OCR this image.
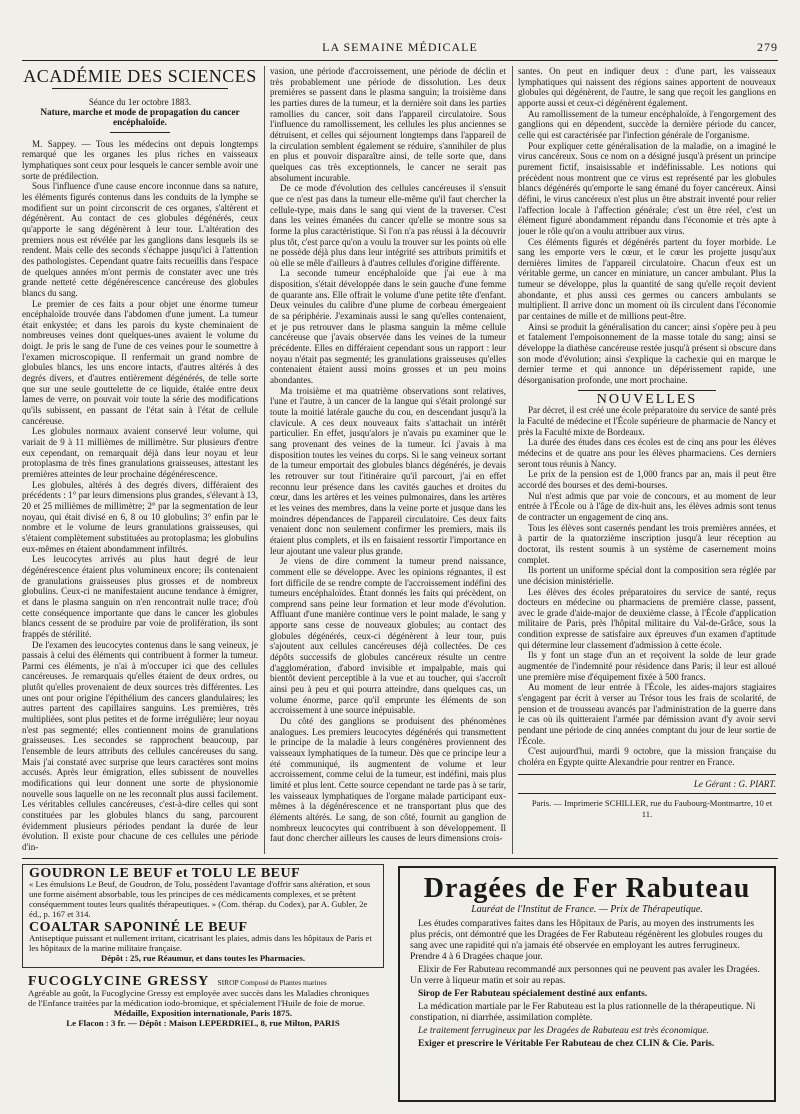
LA SEMAINE MÉDICALE	279

ACADÉMIE DES SCIENCES

Séance du 1er octobre 1883.

Nature, marche et mode de propagation du cancer encéphaloïde.

M. Sappey. — Tous les médecins ont depuis longtemps remarqué que les organes les plus riches en vaisseaux lymphatiques sont ceux pour lesquels le cancer semble avoir une sorte de prédilection.

Sous l'influence d'une cause encore inconnue dans sa nature, les éléments figurés contenus dans les conduits de la lymphe se modifient sur un point circonscrit de ces organes, s'altèrent et dégénèrent. Au contact de ces globules dégénérés, ceux qu'apporte le sang dégénèrent à leur tour. L'altération des premiers nous est révélée par les ganglions dans lesquels ils se rendent. Mais celle des seconds s'échappe jusqu'ici à l'attention des pathologistes. Cependant quatre faits recueillis dans l'espace de quelques années m'ont permis de constater avec une très grande netteté cette dégénérescence cancéreuse des globules blancs du sang.

Le premier de ces faits a pour objet une énorme tumeur encéphaloïde trouvée dans l'abdomen d'une jument. La tumeur était enkystée; et dans les parois du kyste cheminaient de nombreuses veines dont quelques-unes avaient le volume du doigt. Je pris le sang de l'une de ces veines pour le soumettre à l'examen microscopique. Il renfermait un grand nombre de globules blancs, les uns encore intacts, d'autres altérés à des degrés divers, et d'autres entièrement dégénérés, de telle sorte que sur une seule gouttelette de ce liquide, étalée entre deux lames de verre, on pouvait voir toute la série des modifications qu'ils subissent, en passant de l'état sain à l'état de cellule cancéreuse.

Les globules normaux avaient conservé leur volume, qui variait de 9 à 11 millièmes de millimètre. Sur plusieurs d'entre eux cependant, on remarquait déjà dans leur noyau et leur protoplasma de très fines granulations graisseuses, attestant les premières atteintes de leur prochaine dégénérescence.

Les globules, altérés à des degrés divers, différaient des précédents : 1° par leurs dimensions plus grandes, s'élevant à 13, 20 et 25 millièmes de millimètre; 2° par la segmentation de leur noyau, qui était divisé en 6, 8 ou 10 globulins; 3° enfin par le nombre et le volume de leurs granulations graisseuses, qui s'étaient complètement substituées au protoplasma; les globulins eux-mêmes en étaient abondamment infiltrés.

Les leucocytes arrivés au plus haut degré de leur dégénérescence étaient plus volumineux encore; ils contenaient de granulations graisseuses plus grosses et de nombreux globulins. Ceux-ci ne manifestaient aucune tendance à émigrer, et dans le plasma sanguin on n'en rencontrait nulle trace; d'où cette conséquence importante que dans le cancer les globules blancs cessent de se produire par voie de prolifération, ils sont frappés de stérilité.

De l'examen des leucocytes contenus dans le sang veineux, je passais à celui des éléments qui contribuent à former la tumeur. Parmi ces éléments, je n'ai à m'occuper ici que des cellules cancéreuses. Je remarquais qu'elles étaient de deux ordres, ou plutôt qu'elles provenaient de deux sources très différentes. Les unes ont pour origine l'épithélium des cancers glandulaires; les autres partent des capillaires sanguins. Les premières, très multipliées, sont plus petites et de forme irrégulière; leur noyau n'est pas segmenté; elles contiennent moins de granulations graisseuses. Les secondes se rapprochent beaucoup, par l'ensemble de leurs attributs des cellules cancéreuses du sang. Mais j'ai constaté avec surprise que leurs caractères sont moins accusés. Après leur émigration, elles subissent de nouvelles modifications qui leur donnent une sorte de physionomie nouvelle sous laquelle on ne les reconnaît plus aussi facilement. Les véritables cellules cancéreuses, c'est-à-dire celles qui sont constituées par les globules blancs du sang, parcourent évidemment plusieurs périodes pendant la durée de leur évolution. Il existe pour chacune de ces cellules une période d'in-

vasion, une période d'accroissement, une période de déclin et très probablement une période de dissolution. Les deux premières se passent dans le plasma sanguin; la troisième dans les parties dures de la tumeur, et la dernière soit dans les parties ramollies du cancer, soit dans l'appareil circulatoire. Sous l'influence du ramollissement, les cellules les plus anciennes se détruisent, et celles qui séjournent longtemps dans l'appareil de la circulation semblent également se réduire, s'annihiler de plus en plus et pouvoir disparaître ainsi, de telle sorte que, dans quelques cas très exceptionnels, le cancer ne serait pas absolument incurable.

De ce mode d'évolution des cellules cancéreuses il s'ensuit que ce n'est pas dans la tumeur elle-même qu'il faut chercher la cellule-type, mais dans le sang qui vient de la traverser. C'est dans les veines émanées du cancer qu'elle se montre sous sa forme la plus caractéristique. Si l'on n'a pas réussi à la découvrir plus tôt, c'est parce qu'on a voulu la trouver sur les points où elle ne possède déjà plus dans leur intégrité ses attributs primitifs et où elle se mêle d'ailleurs à d'autres cellules d'origine différente.

La seconde tumeur encéphaloïde que j'ai eue à ma disposition, s'était développée dans le sein gauche d'une femme de quarante ans. Elle offrait le volume d'une petite tête d'enfant. Deux veinules du calibre d'une plume de corbeau émergeaient de sa périphérie. J'examinais aussi le sang qu'elles contenaient, et je pus retrouver dans le plasma sanguin la même cellule cancéreuse que j'avais observée dans les veines de la tumeur précédente. Elles en différaient cependant sous un rapport : leur noyau n'était pas segmenté; les granulations graisseuses qu'elles contenaient étaient aussi moins grosses et un peu moins abondantes.

Ma troisième et ma quatrième observations sont relatives, l'une et l'autre, à un cancer de la langue qui s'était prolongé sur toute la moitié latérale gauche du cou, en descendant jusqu'à la clavicule. A ces deux nouveaux faits s'attachait un intérêt particulier. En effet, jusqu'alors je n'avais pu examiner que le sang provenant des veines de la tumeur. Ici j'avais à ma disposition toutes les veines du corps. Si le sang veineux sortant de la tumeur emportait des globules blancs dégénérés, je devais les retrouver sur tout l'itinéraire qu'il parcourt, j'ai en effet reconnu leur présence dans les cavités gauches et droites du cœur, dans les artères et les veines pulmonaires, dans les artères et les veines des membres, dans la veine porte et jusque dans les moindres dépendances de l'appareil circulatoire. Ces deux faits venaient donc non seulement confirmer les premiers, mais ils étaient plus complets, et ils en faisaient ressortir l'importance en leur ajoutant une valeur plus grande.

Je viens de dire comment la tumeur prend naissance, comment elle se développe. Avec les opinions régnantes, il est fort difficile de se rendre compte de l'accroissement indéfini des tumeurs encéphaloïdes. Étant donnés les faits qui précèdent, on comprend sans peine leur formation et leur mode d'évolution. Affluant d'une manière continue vers le point malade, le sang y apporte sans cesse de nouveaux globules; au contact des globules dégénérés, ceux-ci dégénèrent à leur tour, puis s'ajoutent aux cellules cancéreuses déjà collectées. De ces dépôts successifs de globules cancéreux résulte un centre d'agglomération, d'abord invisible et impalpable, mais qui bientôt devient perceptible à la vue et au toucher, qui s'accroît ainsi peu à peu et qui pourra atteindre, dans quelques cas, un volume énorme, parce qu'il emprunte les éléments de son accroissement à une source inépuisable.

Du côté des ganglions se produisent des phénomènes analogues. Les premiers leucocytes dégénérés qui transmettent le principe de la maladie à leurs congénères proviennent des vaisseaux lymphatiques de la tumeur. Dès que ce principe leur a été communiqué, ils augmentent de volume et leur accroissement, comme celui de la tumeur, est indéfini, mais plus limité et plus lent. Cette source cependant ne tarde pas à se tarir, les vaisseaux lymphatiques de l'organe malade participant eux-mêmes à la dégénérescence et ne transportant plus que des éléments altérés. Le sang, de son côté, fournit au ganglion de nombreux leucocytes qui contribuent à son développement. Il faut donc chercher ailleurs les causes de leurs dimensions crois-

santes. On peut en indiquer deux : d'une part, les vaisseaux lymphatiques qui naissent des régions saines apportent de nouveaux globules qui dégénèrent, de l'autre, le sang que reçoit les ganglions en apporte aussi et ceux-ci dégénèrent également.

Au ramollissement de la tumeur encéphaloïde, à l'engorgement des ganglions qui en dépendent, succède la dernière période du cancer, celle qui est caractérisée par l'infection générale de l'organisme.

Pour expliquer cette généralisation de la maladie, on a imaginé le virus cancéreux. Sous ce nom on a désigné jusqu'à présent un principe purement fictif, insaisissable et indéfinissable. Les notions qui précèdent nous montrent que ce virus est représenté par les globules blancs dégénérés qu'emporte le sang émané du foyer cancéreux. Ainsi défini, le virus cancéreux n'est plus un être abstrait inventé pour relier l'affection locale à l'affection générale; c'est un être réel, c'est un élément figuré abondamment répandu dans l'économie et très apte à jouer le rôle qu'on a voulu attribuer aux virus.

Ces éléments figurés et dégénérés partent du foyer morbide. Le sang les emporte vers le cœur, et le cœur les projette jusqu'aux dernières limites de l'appareil circulatoire. Chacun d'eux est un véritable germe, un cancer en miniature, un cancer ambulant. Plus la tumeur se développe, plus la quantité de sang qu'elle reçoit devient abondante, et plus aussi ces germes ou cancers ambulants se multiplient. Il arrive donc un moment où ils circulent dans l'économie par centaines de mille et de millions peut-être.

Ainsi se produit la généralisation du cancer; ainsi s'opère peu à peu et fatalement l'empoisonnement de la masse totale du sang; ainsi se développe la diathèse cancéreuse restée jusqu'à présent si obscure dans son mode d'évolution; ainsi s'explique la cachexie qui en marque le dernier terme et qui annonce un dépérissement rapide, une désorganisation profonde, une mort prochaine.

NOUVELLES

Par décret, il est créé une école préparatoire du service de santé près la Faculté de médecine et l'École supérieure de pharmacie de Nancy et près la Faculté mixte de Bordeaux.

La durée des études dans ces écoles est de cinq ans pour les élèves médecins et de quatre ans pour les élèves pharmaciens. Ces derniers seront tous réunis à Nancy.

Le prix de la pension est de 1,000 francs par an, mais il peut être accordé des bourses et des demi-bourses.

Nul n'est admis que par voie de concours, et au moment de leur entrée à l'École ou à l'âge de dix-huit ans, les élèves admis sont tenus de contracter un engagement de cinq ans.

Tous les élèves sont casernés pendant les trois premières années, et à partir de la quatorzième inscription jusqu'à leur réception au doctorat, ils restent soumis à un système de casernement moins complet.

Ils portent un uniforme spécial dont la composition sera réglée par une décision ministérielle.

Les élèves des écoles préparatoires du service de santé, reçus docteurs en médecine ou pharmaciens de première classe, passent, avec le grade d'aide-major de deuxième classe, à l'École d'application militaire de Paris, près l'hôpital militaire du Val-de-Grâce, sous la condition expresse de satisfaire aux épreuves d'un examen d'aptitude qui détermine leur classement d'admission à cette école.

Ils y font un stage d'un an et reçoivent la solde de leur grade augmentée de l'indemnité pour résidence dans Paris; il leur est alloué une première mise d'équipement fixée à 500 francs.

Au moment de leur entrée à l'École, les aides-majors stagiaires s'engagent par écrit à verser au Trésor tous les frais de scolarité, de pension et de trousseau avancés par l'administration de la guerre dans le cas où ils quitteraient l'armée par démission avant d'y avoir servi pendant une période de cinq années comptant du jour de leur sortie de l'École.

C'est aujourd'hui, mardi 9 octobre, que la mission française du choléra en Egypte quitte Alexandrie pour rentrer en France.

Le Gérant : G. PIART.

Paris. — Imprimerie SCHILLER, rue du Faubourg-Montmartre, 10 et 11.

GOUDRON LE BEUF et TOLU LE BEUF
« Les émulsions Le Beuf, de Goudron, de Tolu, possèdent l'avantage d'offrir sans altération, et sous une forme aisément absorbable, tous les principes de ces médicaments complexes, et se prêtent conséquemment toutes leurs qualités thérapeutiques. » (Com. thérap. du Codex), par A. Gubler, 2e éd., p. 167 et 314.
COALTAR SAPONINÉ LE BEUF
Antiseptique puissant et nullement irritant, cicatrisant les plaies, admis dans les hôpitaux de Paris et les hôpitaux de la marine militaire française.
Dépôt : 25, rue Réaumur, et dans toutes les Pharmacies.
FUCOGLYCINE GRESSY SIROP Composé de Plantes marines
Agréable au goût, la Fucoglycine Gressy est employée avec succès dans les Maladies chroniques de l'Enfance traitées par la médication iodo-bromique, et spécialement l'Huile de foie de morue.
Médaille, Exposition internationale, Paris 1875.
Le Flacon : 3 fr. — Dépôt : Maison LEPERDRIEL, 8, rue Milton, PARIS
Dragées de Fer Rabuteau
Lauréat de l'Institut de France. — Prix de Thérapeutique.

Les études comparatives faites dans les Hôpitaux de Paris, au moyen des instruments les plus précis, ont démontré que les Dragées de Fer Rabuteau régénèrent les globules rouges du sang avec une rapidité qui n'a jamais été observée en employant les autres ferrugineux. Prendre 4 à 6 Dragées chaque jour.

Elixir de Fer Rabuteau recommandé aux personnes qui ne peuvent pas avaler les Dragées. Un verre à liqueur matin et soir au repas.

Sirop de Fer Rabuteau spécialement destiné aux enfants.

La médication martiale par le Fer Rabuteau est la plus rationnelle de la thérapeutique. Ni constipation, ni diarrhée, assimilation complète.

Le traitement ferrugineux par les Dragées de Rabuteau est très économique.

Exiger et prescrire le Véritable Fer Rabuteau de chez CLIN & Cie. Paris.
